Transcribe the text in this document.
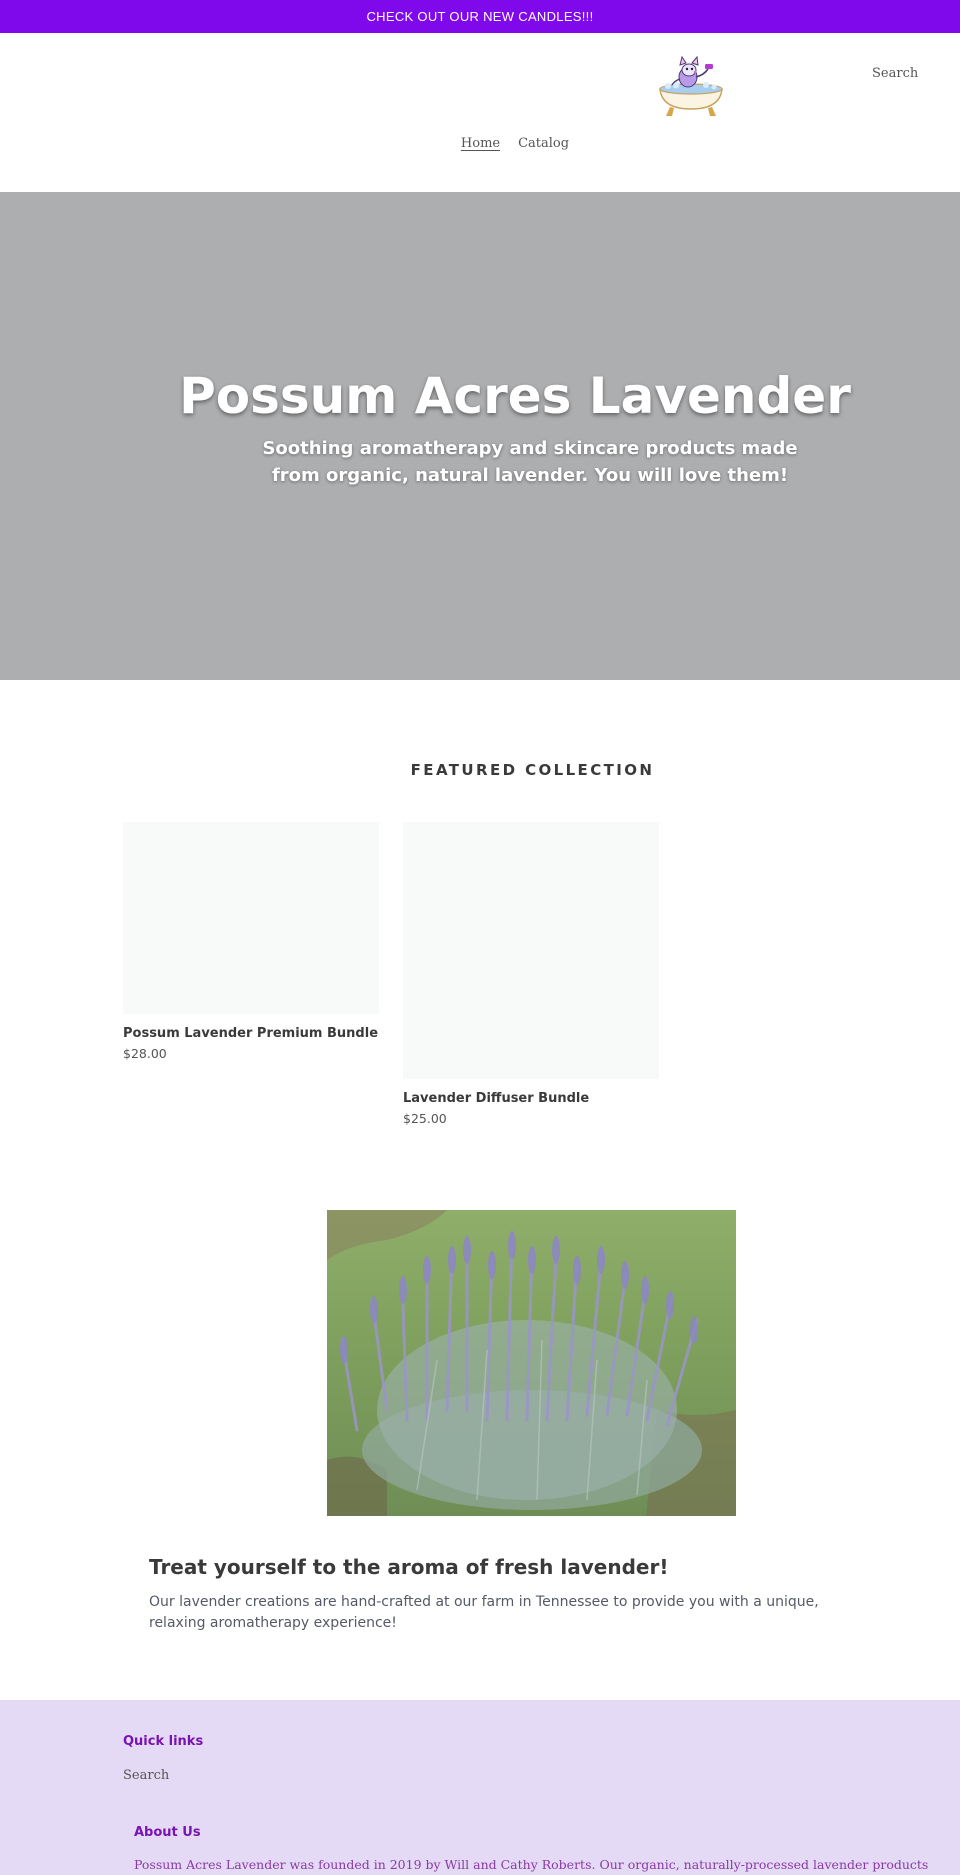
CHECK OUT OUR NEW CANDLES!!!
Search
Home Catalog
Possum Acres Lavender

Soothing aromatherapy and skincare products made from organic, natural lavender. You will love them!

FEATURED COLLECTION
Possum Lavender Premium Bundle
$28.00
Lavender Diffuser Bundle
$25.00
Treat yourself to the aroma of fresh lavender!

Our lavender creations are hand-crafted at our farm in Tennessee to provide you with a unique, relaxing aromatherapy experience!

Quick links
Search
About Us

Possum Acres Lavender was founded in 2019 by Will and Cathy Roberts. Our organic, naturally-processed lavender products
